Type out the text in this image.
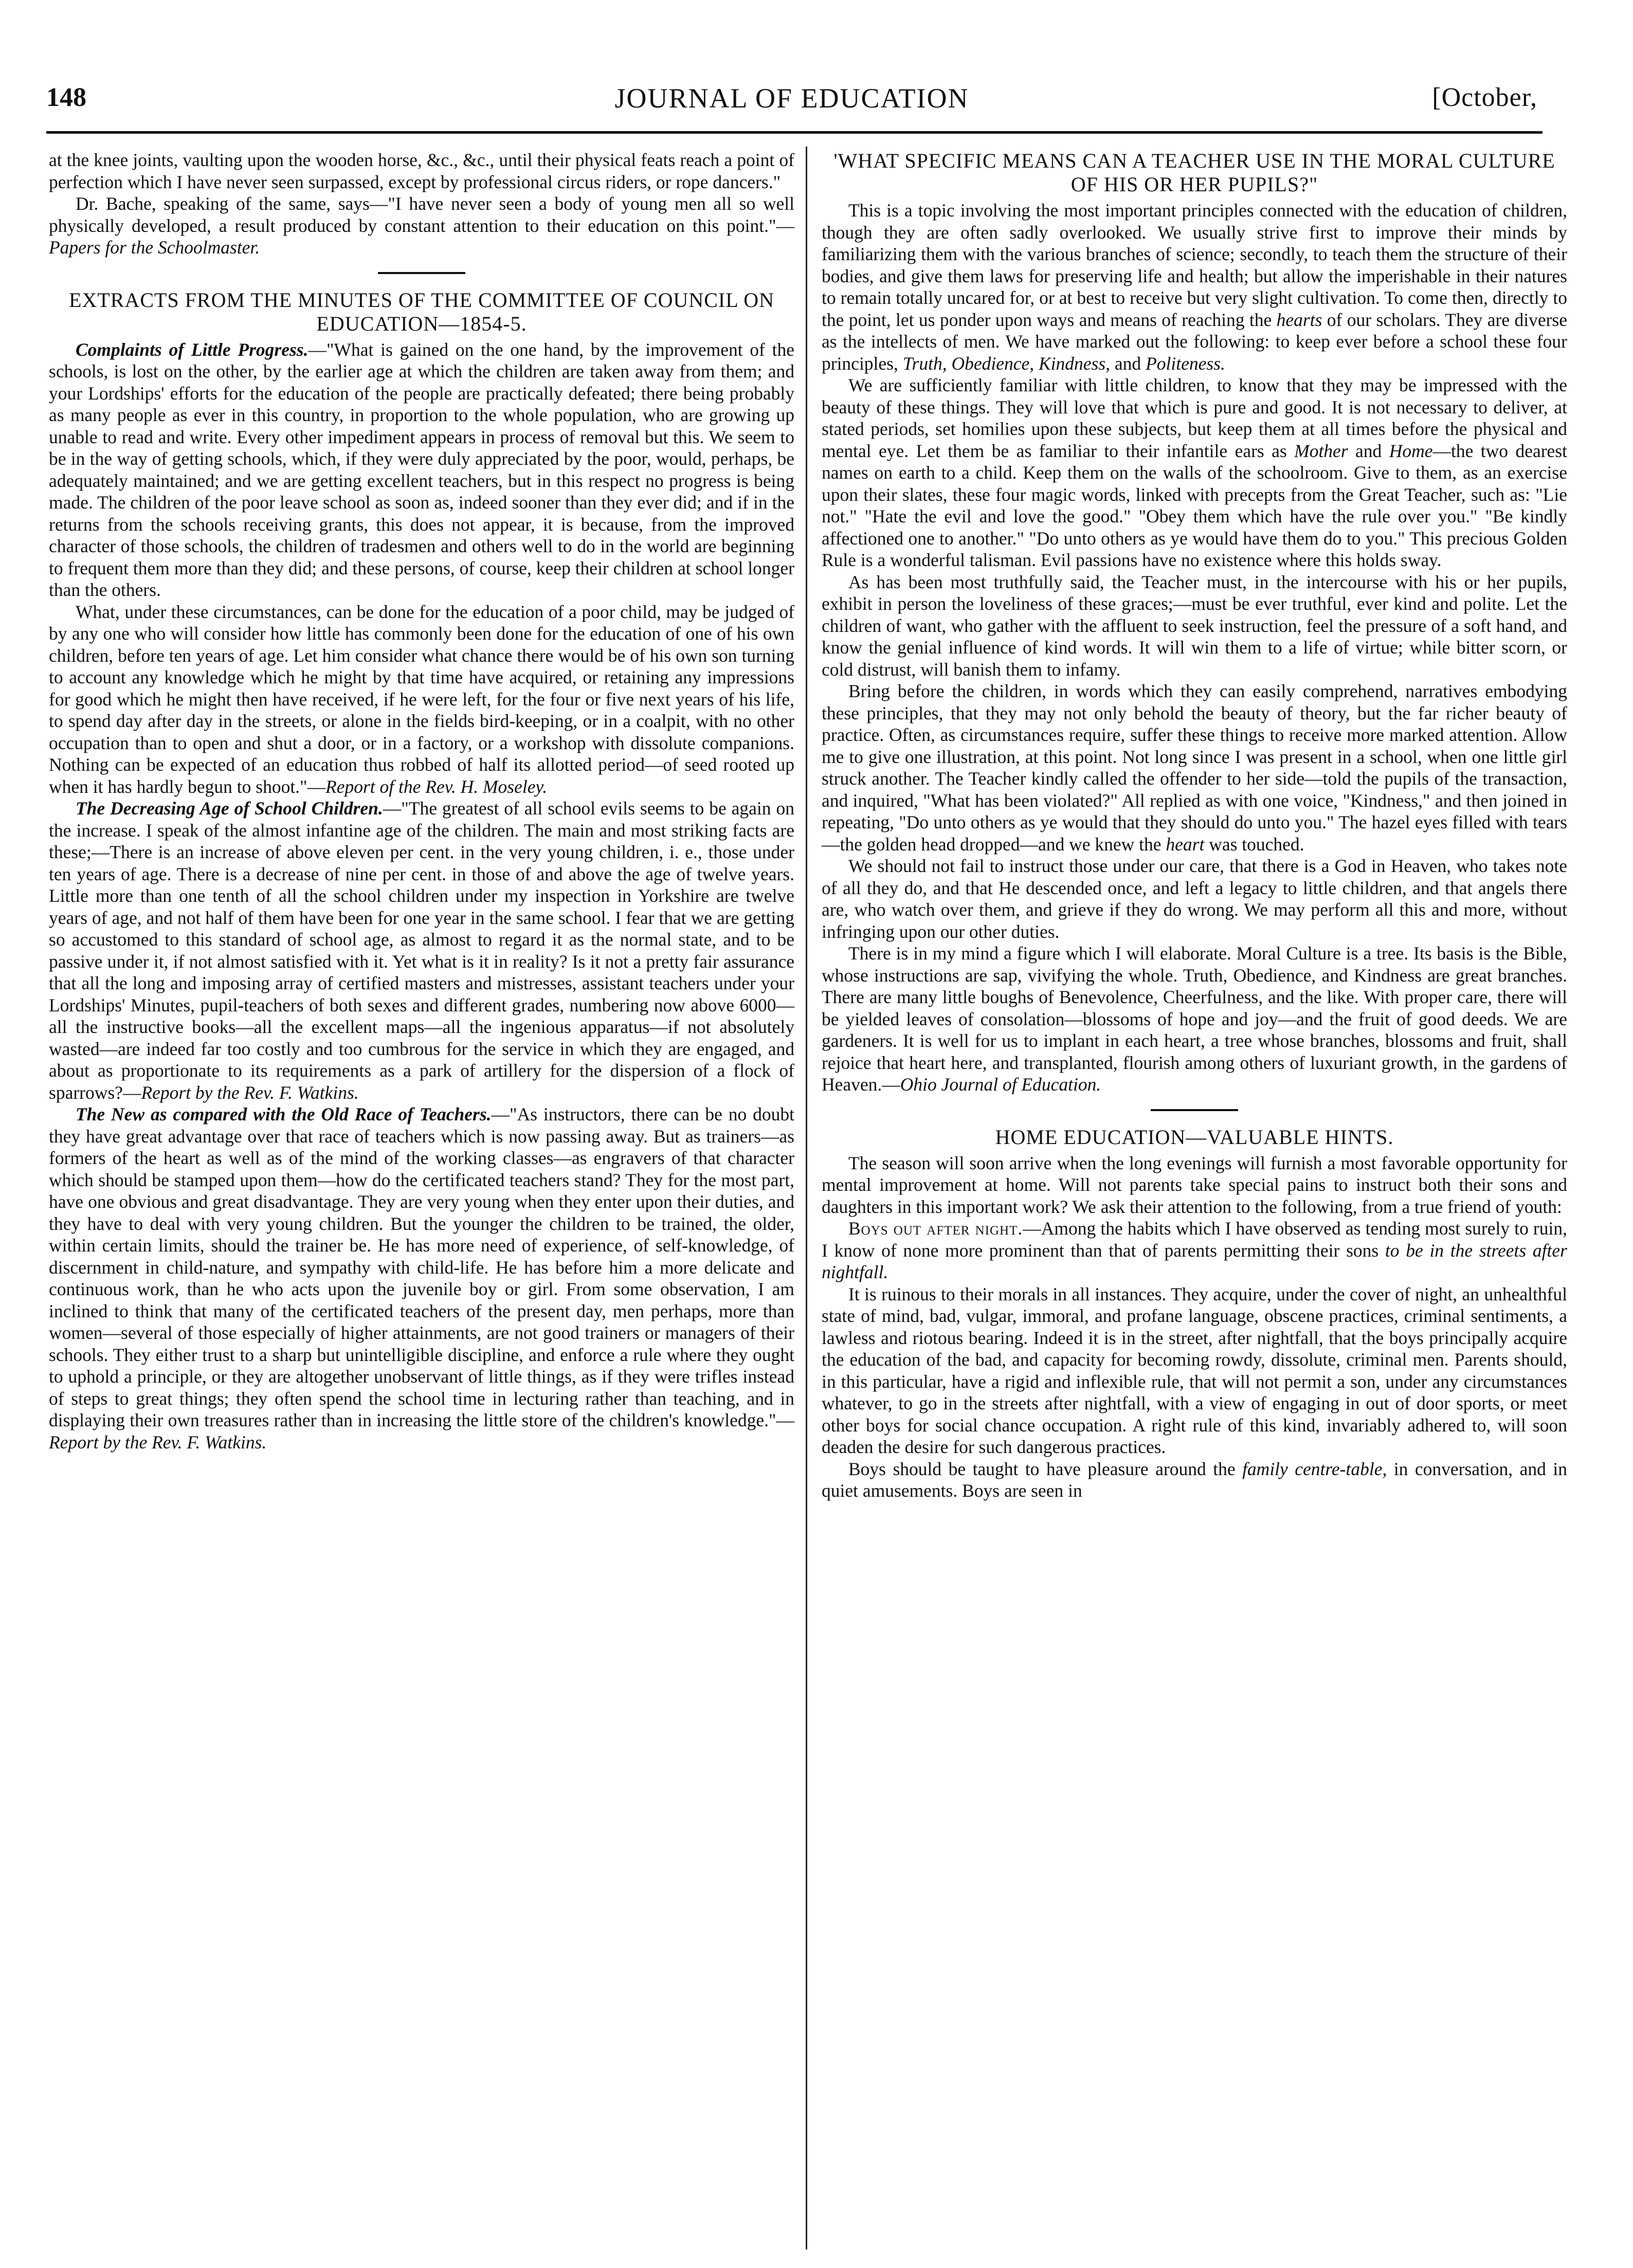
148	JOURNAL OF EDUCATION	[October,

at the knee joints, vaulting upon the wooden horse, &c., &c., until their physical feats reach a point of perfection which I have never seen surpassed, except by professional circus riders, or rope dancers."

Dr. Bache, speaking of the same, says—"I have never seen a body of young men all so well physically developed, a result produced by constant attention to their education on this point."—Papers for the Schoolmaster.

EXTRACTS FROM THE MINUTES OF THE COMMITTEE OF COUNCIL ON EDUCATION—1854-5.

Complaints of Little Progress.—"What is gained on the one hand, by the improvement of the schools, is lost on the other, by the earlier age at which the children are taken away from them; and your Lordships' efforts for the education of the people are practically defeated; there being probably as many people as ever in this country, in proportion to the whole population, who are growing up unable to read and write. Every other impediment appears in process of removal but this. We seem to be in the way of getting schools, which, if they were duly appreciated by the poor, would, perhaps, be adequately maintained; and we are getting excellent teachers, but in this respect no progress is being made. The children of the poor leave school as soon as, indeed sooner than they ever did; and if in the returns from the schools receiving grants, this does not appear, it is because, from the improved character of those schools, the children of tradesmen and others well to do in the world are beginning to frequent them more than they did; and these persons, of course, keep their children at school longer than the others.

What, under these circumstances, can be done for the education of a poor child, may be judged of by any one who will consider how little has commonly been done for the education of one of his own children, before ten years of age. Let him consider what chance there would be of his own son turning to account any knowledge which he might by that time have acquired, or retaining any impressions for good which he might then have received, if he were left, for the four or five next years of his life, to spend day after day in the streets, or alone in the fields bird-keeping, or in a coalpit, with no other occupation than to open and shut a door, or in a factory, or a workshop with dissolute companions. Nothing can be expected of an education thus robbed of half its allotted period—of seed rooted up when it has hardly begun to shoot."—Report of the Rev. H. Moseley.

The Decreasing Age of School Children.—"The greatest of all school evils seems to be again on the increase. I speak of the almost infantine age of the children. The main and most striking facts are these;—There is an increase of above eleven per cent. in the very young children, i. e., those under ten years of age. There is a decrease of nine per cent. in those of and above the age of twelve years. Little more than one tenth of all the school children under my inspection in Yorkshire are twelve years of age, and not half of them have been for one year in the same school. I fear that we are getting so accustomed to this standard of school age, as almost to regard it as the normal state, and to be passive under it, if not almost satisfied with it. Yet what is it in reality? Is it not a pretty fair assurance that all the long and imposing array of certified masters and mistresses, assistant teachers under your Lordships' Minutes, pupil-teachers of both sexes and different grades, numbering now above 6000—all the instructive books—all the excellent maps—all the ingenious apparatus—if not absolutely wasted—are indeed far too costly and too cumbrous for the service in which they are engaged, and about as proportionate to its requirements as a park of artillery for the dispersion of a flock of sparrows?—Report by the Rev. F. Watkins.

The New as compared with the Old Race of Teachers.—"As instructors, there can be no doubt they have great advantage over that race of teachers which is now passing away. But as trainers—as formers of the heart as well as of the mind of the working classes—as engravers of that character which should be stamped upon them—how do the certificated teachers stand? They for the most part, have one obvious and great disadvantage. They are very young when they enter upon their duties, and they have to deal with very young children. But the younger the children to be trained, the older, within certain limits, should the trainer be. He has more need of experience, of self-knowledge, of discernment in child-nature, and sympathy with child-life. He has before him a more delicate and continuous work, than he who acts upon the juvenile boy or girl. From some observation, I am inclined to think that many of the certificated teachers of the present day, men perhaps, more than women—several of those especially of higher attainments, are not good trainers or managers of their schools. They either trust to a sharp but unintelligible discipline, and enforce a rule where they ought to uphold a principle, or they are altogether unobservant of little things, as if they were trifles instead of steps to great things; they often spend the school time in lecturing rather than teaching, and in displaying their own treasures rather than in increasing the little store of the children's knowledge."—Report by the Rev. F. Watkins.

'WHAT SPECIFIC MEANS CAN A TEACHER USE IN THE MORAL CULTURE OF HIS OR HER PUPILS?"

This is a topic involving the most important principles connected with the education of children, though they are often sadly overlooked. We usually strive first to improve their minds by familiarizing them with the various branches of science; secondly, to teach them the structure of their bodies, and give them laws for preserving life and health; but allow the imperishable in their natures to remain totally uncared for, or at best to receive but very slight cultivation. To come then, directly to the point, let us ponder upon ways and means of reaching the hearts of our scholars. They are diverse as the intellects of men. We have marked out the following: to keep ever before a school these four principles, Truth, Obedience, Kindness, and Politeness.

We are sufficiently familiar with little children, to know that they may be impressed with the beauty of these things. They will love that which is pure and good. It is not necessary to deliver, at stated periods, set homilies upon these subjects, but keep them at all times before the physical and mental eye. Let them be as familiar to their infantile ears as Mother and Home—the two dearest names on earth to a child. Keep them on the walls of the schoolroom. Give to them, as an exercise upon their slates, these four magic words, linked with precepts from the Great Teacher, such as: "Lie not." "Hate the evil and love the good." "Obey them which have the rule over you." "Be kindly affectioned one to another." "Do unto others as ye would have them do to you." This precious Golden Rule is a wonderful talisman. Evil passions have no existence where this holds sway.

As has been most truthfully said, the Teacher must, in the intercourse with his or her pupils, exhibit in person the loveliness of these graces;—must be ever truthful, ever kind and polite. Let the children of want, who gather with the affluent to seek instruction, feel the pressure of a soft hand, and know the genial influence of kind words. It will win them to a life of virtue; while bitter scorn, or cold distrust, will banish them to infamy.

Bring before the children, in words which they can easily comprehend, narratives embodying these principles, that they may not only behold the beauty of theory, but the far richer beauty of practice. Often, as circumstances require, suffer these things to receive more marked attention. Allow me to give one illustration, at this point. Not long since I was present in a school, when one little girl struck another. The Teacher kindly called the offender to her side—told the pupils of the transaction, and inquired, "What has been violated?" All replied as with one voice, "Kindness," and then joined in repeating, "Do unto others as ye would that they should do unto you." The hazel eyes filled with tears—the golden head dropped—and we knew the heart was touched.

We should not fail to instruct those under our care, that there is a God in Heaven, who takes note of all they do, and that He descended once, and left a legacy to little children, and that angels there are, who watch over them, and grieve if they do wrong. We may perform all this and more, without infringing upon our other duties.

There is in my mind a figure which I will elaborate. Moral Culture is a tree. Its basis is the Bible, whose instructions are sap, vivifying the whole. Truth, Obedience, and Kindness are great branches. There are many little boughs of Benevolence, Cheerfulness, and the like. With proper care, there will be yielded leaves of consolation—blossoms of hope and joy—and the fruit of good deeds. We are gardeners. It is well for us to implant in each heart, a tree whose branches, blossoms and fruit, shall rejoice that heart here, and transplanted, flourish among others of luxuriant growth, in the gardens of Heaven.—Ohio Journal of Education.

HOME EDUCATION—VALUABLE HINTS.

The season will soon arrive when the long evenings will furnish a most favorable opportunity for mental improvement at home. Will not parents take special pains to instruct both their sons and daughters in this important work? We ask their attention to the following, from a true friend of youth:

Boys out after night.—Among the habits which I have observed as tending most surely to ruin, I know of none more prominent than that of parents permitting their sons to be in the streets after nightfall.

It is ruinous to their morals in all instances. They acquire, under the cover of night, an unhealthful state of mind, bad, vulgar, immoral, and profane language, obscene practices, criminal sentiments, a lawless and riotous bearing. Indeed it is in the street, after nightfall, that the boys principally acquire the education of the bad, and capacity for becoming rowdy, dissolute, criminal men. Parents should, in this particular, have a rigid and inflexible rule, that will not permit a son, under any circumstances whatever, to go in the streets after nightfall, with a view of engaging in out of door sports, or meet other boys for social chance occupation. A right rule of this kind, invariably adhered to, will soon deaden the desire for such dangerous practices.

Boys should be taught to have pleasure around the family centre-table, in conversation, and in quiet amusements. Boys are seen in
